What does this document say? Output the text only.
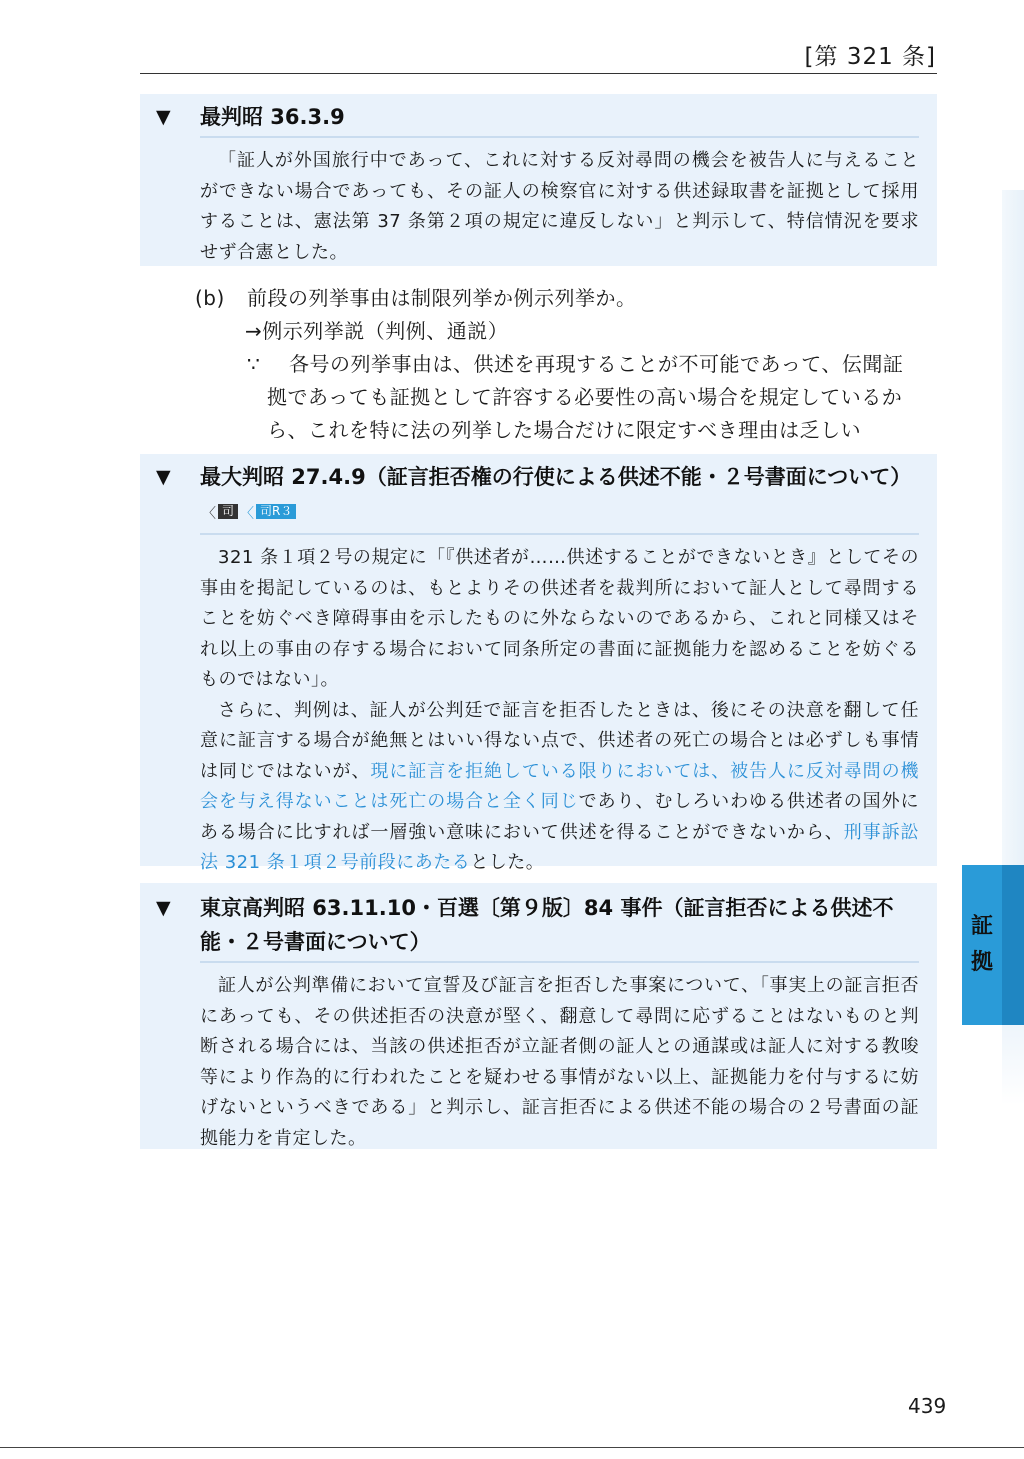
[第 321 条]
▼ 最判昭 36.3.9

「証人が外国旅行中であって、これに対する反対尋問の機会を被告人に与えることができない場合であっても、その証人の検察官に対する供述録取書を証拠として採用することは、憲法第 37 条第２項の規定に違反しない」と判示して、特信情況を要求せず合憲とした。

(b) 前段の列挙事由は制限列挙か例示列挙か。
→例示列挙説（判例、通説）
∵ 各号の列挙事由は、供述を再現することが不可能であって、伝聞証
拠であっても証拠として許容する必要性の高い場合を規定しているから、これを特に法の列挙した場合だけに限定すべき理由は乏しい
▼ 最大判昭 27.4.9（証言拒否権の行使による供述不能・２号書面について）〈 司 〈 司R３

321 条１項２号の規定に「『供述者が……供述することができないとき』としてその事由を掲記しているのは、もとよりその供述者を裁判所において証人として尋問することを妨ぐべき障碍事由を示したものに外ならないのであるから、これと同様又はそれ以上の事由の存する場合において同条所定の書面に証拠能力を認めることを妨ぐるものではない」。

さらに、判例は、証人が公判廷で証言を拒否したときは、後にその決意を翻して任意に証言する場合が絶無とはいい得ない点で、供述者の死亡の場合とは必ずしも事情は同じではないが、現に証言を拒絶している限りにおいては、被告人に反対尋問の機会を与え得ないことは死亡の場合と全く同じであり、むしろいわゆる供述者の国外にある場合に比すれば一層強い意味において供述を得ることができないから、刑事訴訟法 321 条１項２号前段にあたるとした。

▼ 東京高判昭 63.11.10・百選〔第９版〕84 事件（証言拒否による供述不能・２号書面について）

証人が公判準備において宣誓及び証言を拒否した事案について、「事実上の証言拒否にあっても、その供述拒否の決意が堅く、翻意して尋問に応ずることはないものと判断される場合には、当該の供述拒否が立証者側の証人との通謀或は証人に対する教唆等により作為的に行われたことを疑わせる事情がない以上、証拠能力を付与するに妨げないというべきである」と判示し、証言拒否による供述不能の場合の２号書面の証拠能力を肯定した。

証
拠
439
